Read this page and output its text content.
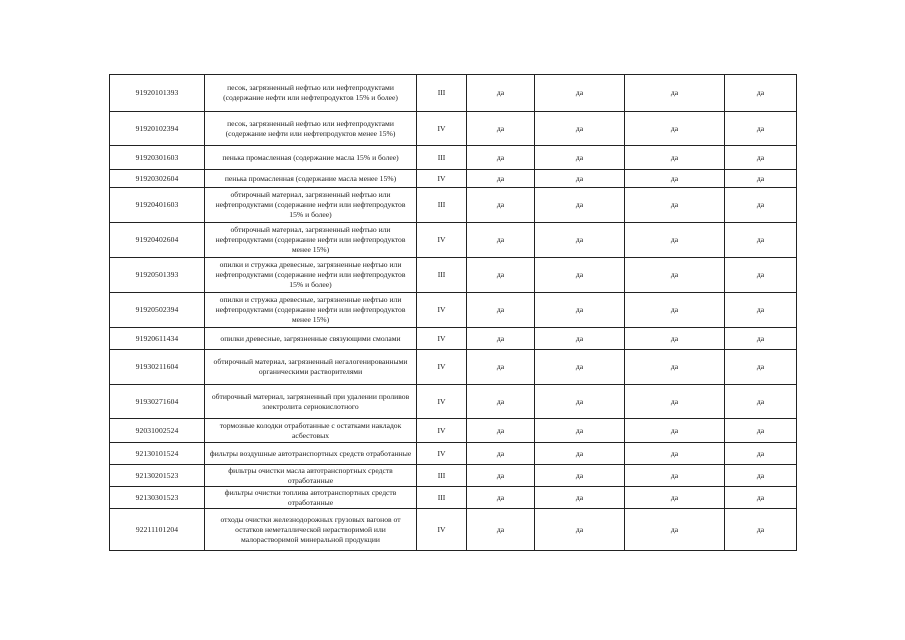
91920101393	песок, загрязненный нефтью или нефтепродуктами (содержание нефти или нефтепродуктов 15% и более)	III	да	да	да	да
91920102394	песок, загрязненный нефтью или нефтепродуктами (содержание нефти или нефтепродуктов менее 15%)	IV	да	да	да	да
91920301603	пенька промасленная (содержание масла 15% и более)	III	да	да	да	да
91920302604	пенька промасленная (содержание масла менее 15%)	IV	да	да	да	да
91920401603	обтирочный материал, загрязненный нефтью или нефтепродуктами (содержание нефти или нефтепродуктов 15% и более)	III	да	да	да	да
91920402604	обтирочный материал, загрязненный нефтью или нефтепродуктами (содержание нефти или нефтепродуктов менее 15%)	IV	да	да	да	да
91920501393	опилки и стружка древесные, загрязненные нефтью или нефтепродуктами (содержание нефти или нефтепродуктов 15% и более)	III	да	да	да	да
91920502394	опилки и стружка древесные, загрязненные нефтью или нефтепродуктами (содержание нефти или нефтепродуктов менее 15%)	IV	да	да	да	да
91920611434	опилки древесные, загрязненные связующими смолами	IV	да	да	да	да
91930211604	обтирочный материал, загрязненный негалогенированными органическими растворителями	IV	да	да	да	да
91930271604	обтирочный материал, загрязненный при удалении проливов электролита сернокислотного	IV	да	да	да	да
92031002524	тормозные колодки отработанные с остатками накладок асбестовых	IV	да	да	да	да
92130101524	фильтры воздушные автотранспортных средств отработанные	IV	да	да	да	да
92130201523	фильтры очистки масла автотранспортных средств отработанные	III	да	да	да	да
92130301523	фильтры очистки топлива автотранспортных средств отработанные	III	да	да	да	да
92211101204	отходы очистки железнодорожных грузовых вагонов от остатков неметаллической нерастворимой или малорастворимой минеральной продукции	IV	да	да	да	да
